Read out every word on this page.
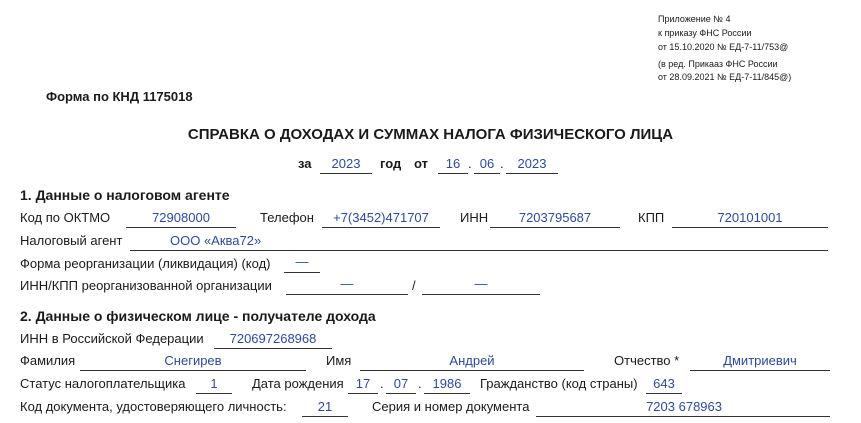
Приложение № 4
к приказу ФНС России
от 15.10.2020 № ЕД-7-11/753@
(в ред. Прикааз ФНС России
от 28.09.2021 № ЕД-7-11/845@)
Форма по КНД 1175018
СПРАВКА О ДОХОДАХ И СУММАХ НАЛОГА ФИЗИЧЕСКОГО ЛИЦА
за	2023	год от	16 . 06 .	2023
1. Данные о налоговом агенте
Код по ОКТМО	72908000	Телефон	+7(3452)471707	ИНН	7203795687	КПП	720101001
Налоговый агент	ООО «Аква72»
Форма реорганизации (ликвидация) (код)	—
ИНН/КПП реорганизованной организации	—	/	—
2. Данные о физическом лице - получателе дохода
ИНН в Российской Федерации	720697268968
Фамилия	Снегирев	Имя	Андрей	Отчество *	Дмитриевич
Статус налогоплательщика	1	Дата рождения 17 . 07 . 1986	Гражданство (код страны)	643
Код документа, удостоверяющего личность:	21	Серия и номер документа	7203 678963
